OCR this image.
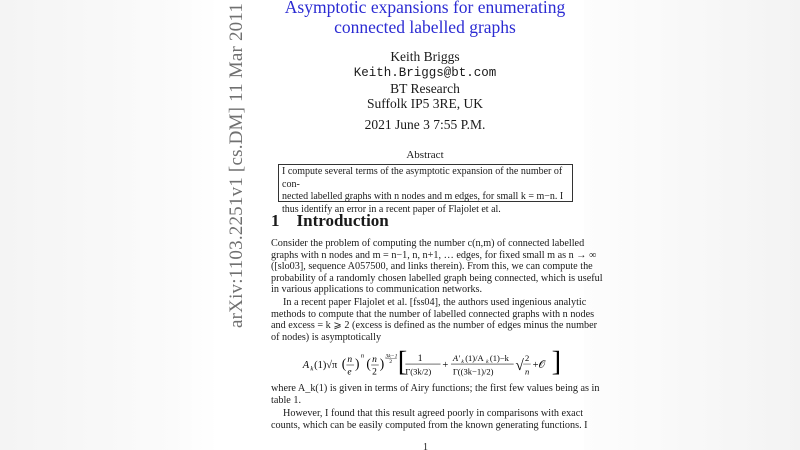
arXiv:1103.2251v1 [cs.DM] 11 Mar 2011	Asymptotic expansions for enumerating
connected labelled graphs
Keith Briggs
Keith.Briggs@bt.com
BT Research
Suffolk IP5 3RE, UK
2021 June 3 7:55 P.M.
Abstract
I compute several terms of the asymptotic expansion of the number of con-
nected labelled graphs with n nodes and m edges, for small k = m−n. I
thus identify an error in a recent paper of Flajolet et al.
1 Introduction
Consider the problem of computing the number c(n,m) of connected labelled
graphs with n nodes and m = n−1, n, n+1, … edges, for fixed small m as n → ∞
([slo03], sequence A057500, and links therein). From this, we can compute the
probability of a randomly chosen labelled graph being connected, which is useful
in various applications to communication networks.
In a recent paper Flajolet et al. [fss04], the authors used ingenious analytic
methods to compute that the number of labelled connected graphs with n nodes
and excess = k ⩾ 2 (excess is defined as the number of edges minus the number
of nodes) is asymptotically
A k (1)√π ( n
e
) n ( n
2
) 3k−1
2 [ 1
Γ(3k/2)
+
A′ k (1)/A k (1)−k
Γ((3k−1)/2) √ 2
n
+𝒪 ]
where A_k(1) is given in terms of Airy functions; the first few values being as in
table 1.
However, I found that this result agreed poorly in comparisons with exact
counts, which can be easily computed from the known generating functions. I
1
